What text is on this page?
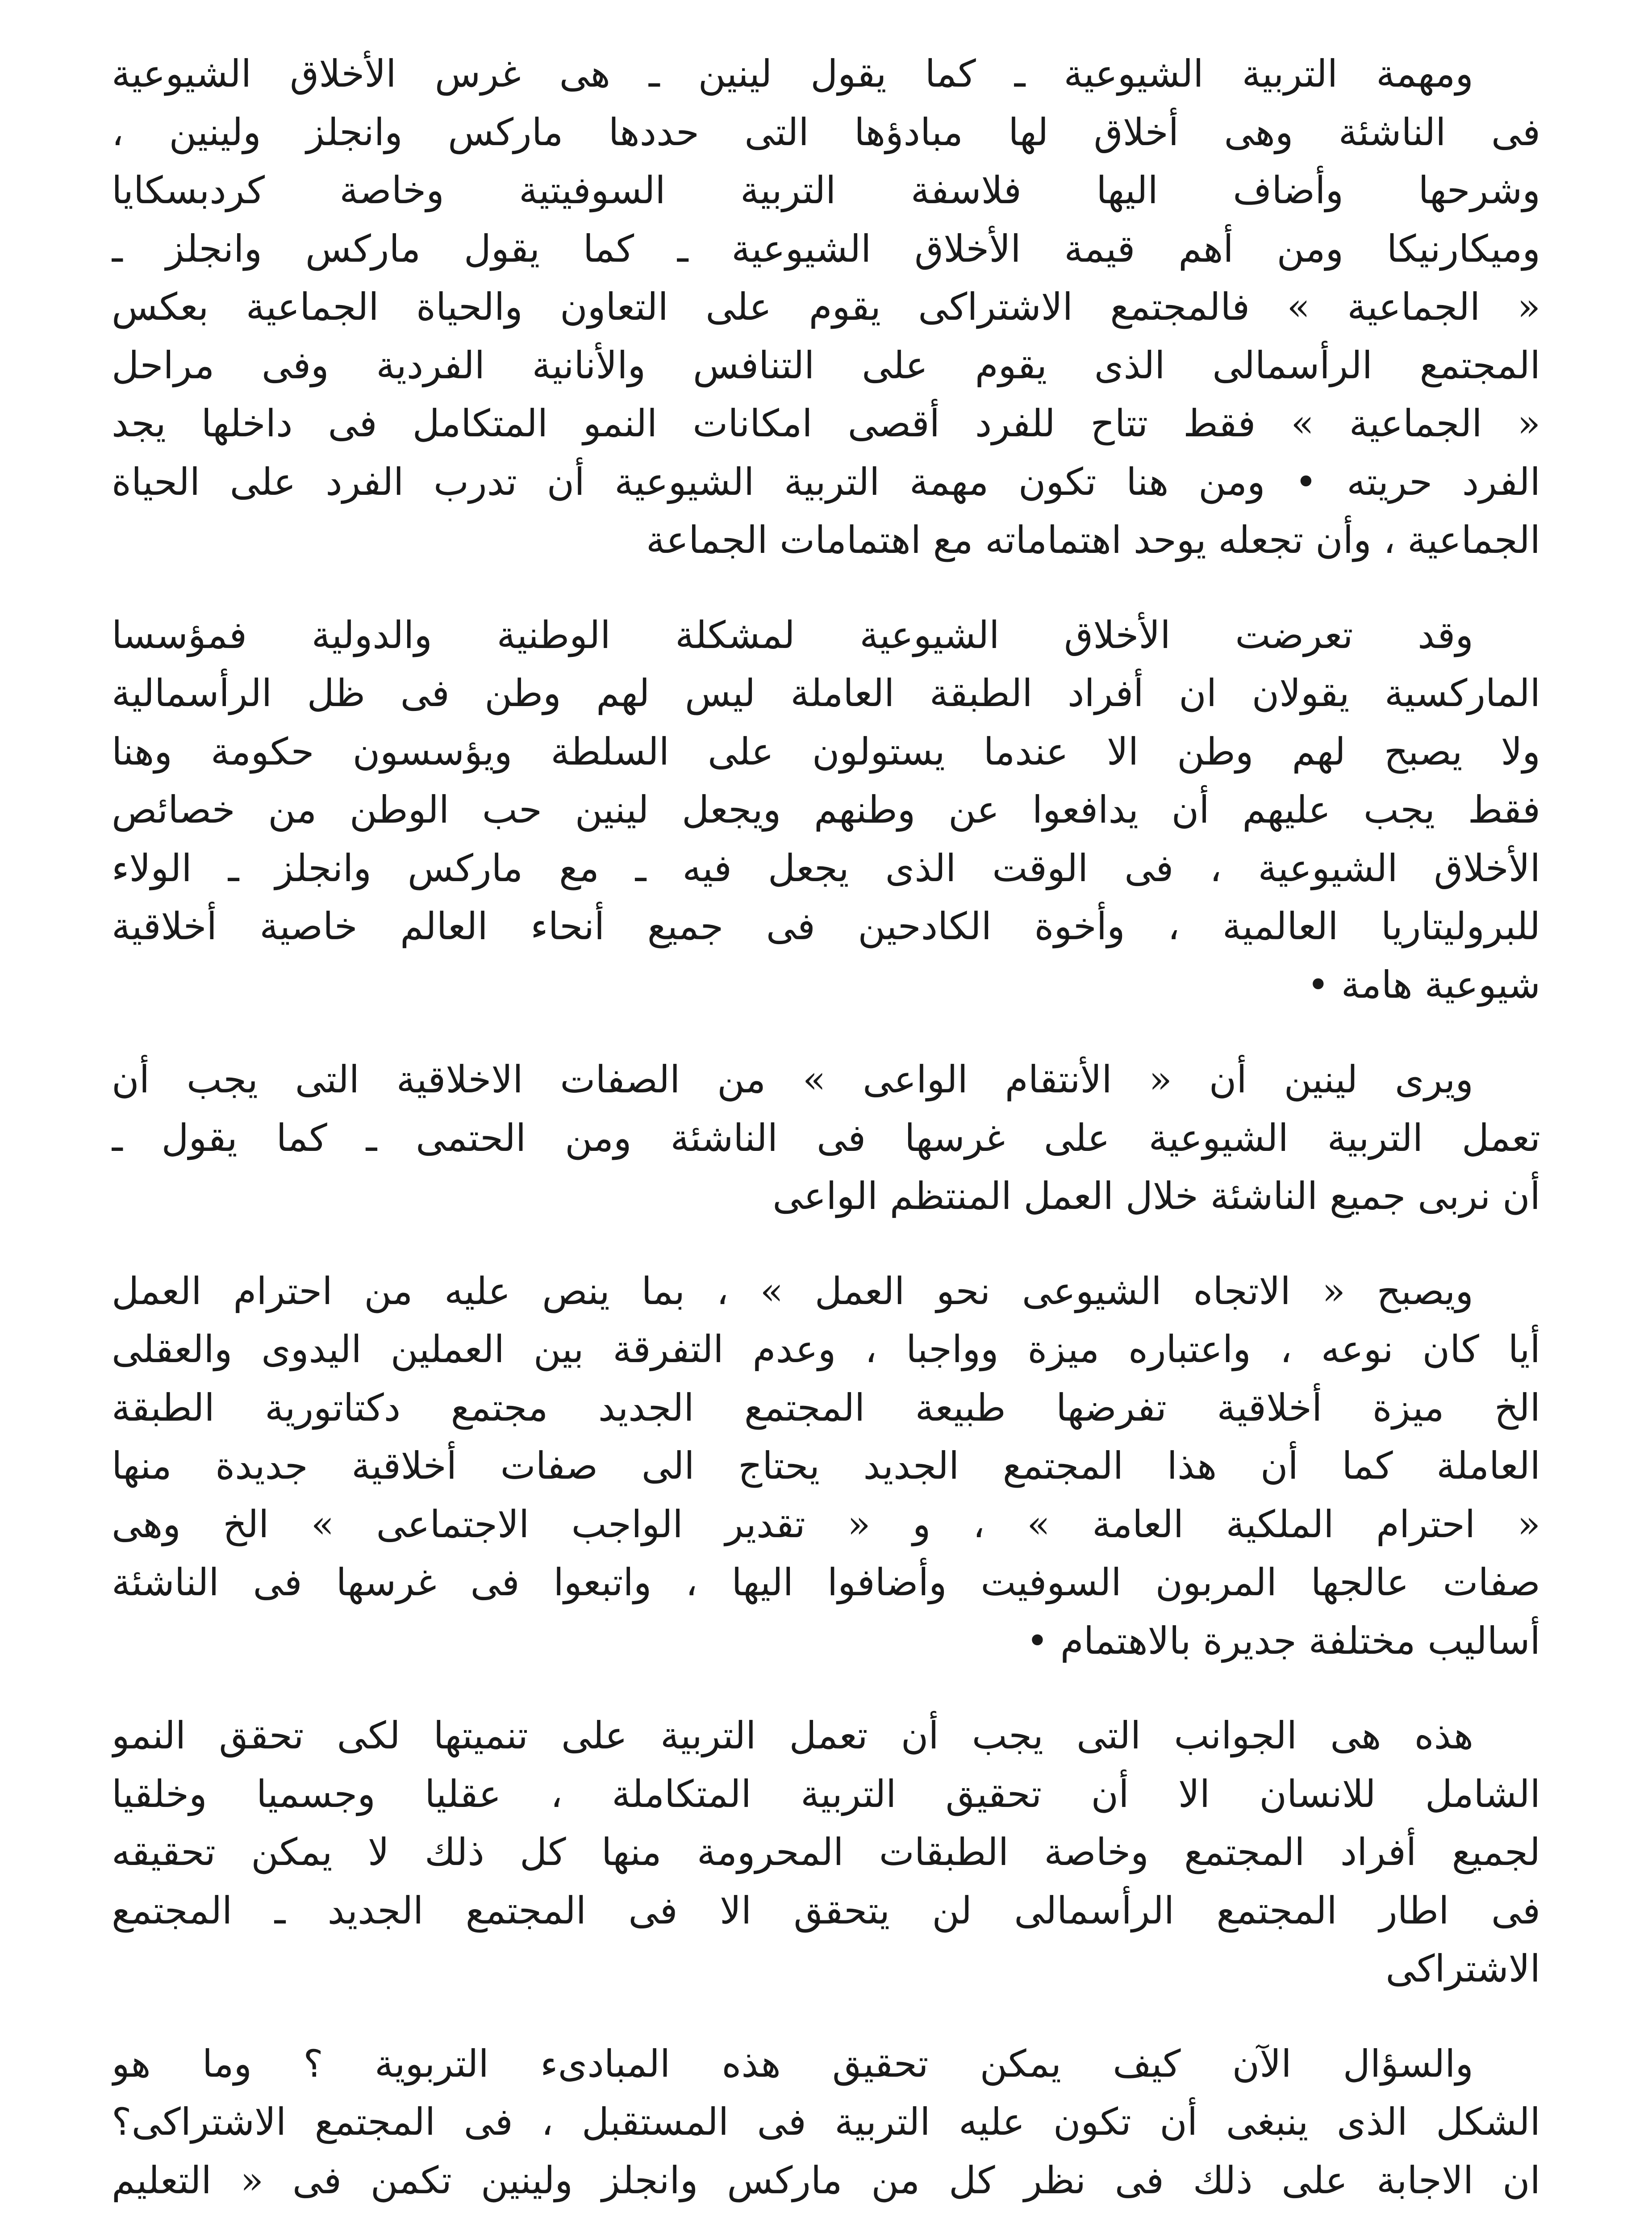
ومهمة التربية الشيوعية ـ كما يقول لينين ـ هى غرس الأخلاق الشيوعية
فى الناشئة وهى أخلاق لها مبادؤها التى حددها ماركس وانجلز ولينين ،
وشرحها وأضاف اليها فلاسفة التربية السوفيتية وخاصة كردبسكايا
وميكارنيكا ومن أهم قيمة الأخلاق الشيوعية ـ كما يقول ماركس وانجلز ـ
« الجماعية » فالمجتمع الاشتراكى يقوم على التعاون والحياة الجماعية بعكس
المجتمع الرأسمالى الذى يقوم على التنافس والأنانية الفردية وفى مراحل
« الجماعية » فقط تتاح للفرد أقصى امكانات النمو المتكامل فى داخلها يجد
الفرد حريته • ومن هنا تكون مهمة التربية الشيوعية أن تدرب الفرد على الحياة
الجماعية ، وأن تجعله يوحد اهتماماته مع اهتمامات الجماعة

وقد تعرضت الأخلاق الشيوعية لمشكلة الوطنية والدولية فمؤسسا
الماركسية يقولان ان أفراد الطبقة العاملة ليس لهم وطن فى ظل الرأسمالية
ولا يصبح لهم وطن الا عندما يستولون على السلطة ويؤسسون حكومة وهنا
فقط يجب عليهم أن يدافعوا عن وطنهم ويجعل لينين حب الوطن من خصائص
الأخلاق الشيوعية ، فى الوقت الذى يجعل فيه ـ مع ماركس وانجلز ـ الولاء
للبروليتاريا العالمية ، وأخوة الكادحين فى جميع أنحاء العالم خاصية أخلاقية
شيوعية هامة •

ويرى لينين أن « الأنتقام الواعى » من الصفات الاخلاقية التى يجب أن
تعمل التربية الشيوعية على غرسها فى الناشئة ومن الحتمى ـ كما يقول ـ
أن نربى جميع الناشئة خلال العمل المنتظم الواعى

ويصبح « الاتجاه الشيوعى نحو العمل » ، بما ينص عليه من احترام العمل
أيا كان نوعه ، واعتباره ميزة وواجبا ، وعدم التفرقة بين العملين اليدوى والعقلى
الخ ميزة أخلاقية تفرضها طبيعة المجتمع الجديد مجتمع دكتاتورية الطبقة
العاملة كما أن هذا المجتمع الجديد يحتاج الى صفات أخلاقية جديدة منها
« احترام الملكية العامة » ، و « تقدير الواجب الاجتماعى » الخ وهى
صفات عالجها المربون السوفيت وأضافوا اليها ، واتبعوا فى غرسها فى الناشئة
أساليب مختلفة جديرة بالاهتمام •

هذه هى الجوانب التى يجب أن تعمل التربية على تنميتها لكى تحقق النمو
الشامل للانسان الا أن تحقيق التربية المتكاملة ، عقليا وجسميا وخلقيا
لجميع أفراد المجتمع وخاصة الطبقات المحرومة منها كل ذلك لا يمكن تحقيقه
فى اطار المجتمع الرأسمالى لن يتحقق الا فى المجتمع الجديد ـ المجتمع
الاشتراكى

والسؤال الآن كيف يمكن تحقيق هذه المبادىء التربوية ؟ وما هو
الشكل الذى ينبغى أن تكون عليه التربية فى المستقبل ، فى المجتمع الاشتراكى؟
ان الاجابة على ذلك فى نظر كل من ماركس وانجلز ولينين تكمن فى « التعليم
